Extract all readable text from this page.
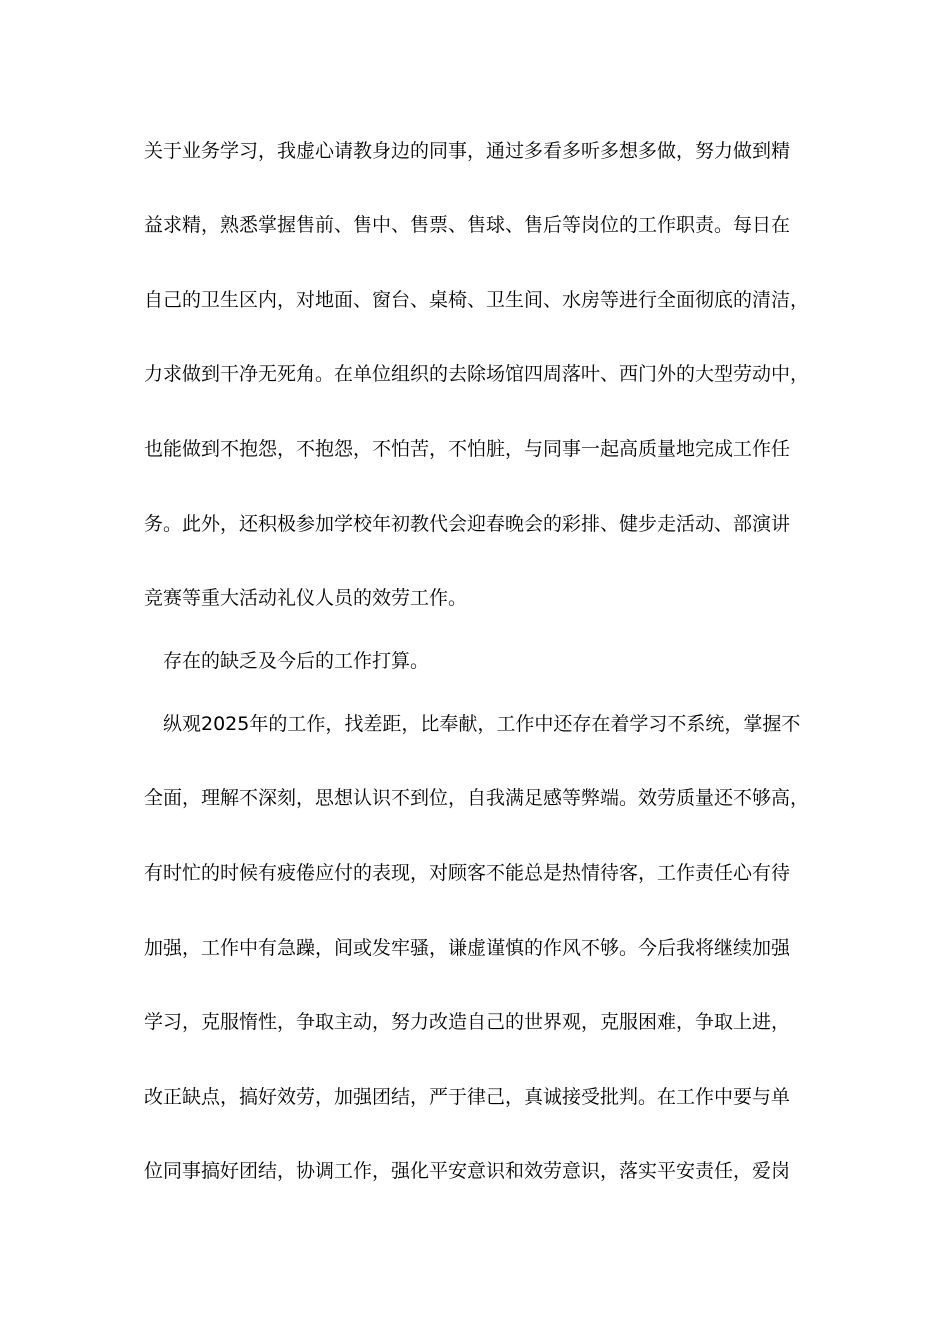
关于业务学习，我虚心请教身边的同事，通过多看多听多想多做，努力做到精
益求精，熟悉掌握售前、售中、售票、售球、售后等岗位的工作职责。每日在
自己的卫生区内，对地面、窗台、桌椅、卫生间、水房等进行全面彻底的清洁，
力求做到干净无死角。在单位组织的去除场馆四周落叶、西门外的大型劳动中，
也能做到不抱怨，不抱怨，不怕苦，不怕脏，与同事一起高质量地完成工作任
务。此外，还积极参加学校年初教代会迎春晚会的彩排、健步走活动、部演讲
竞赛等重大活动礼仪人员的效劳工作。
存在的缺乏及今后的工作打算。
纵观2025年的工作，找差距，比奉献，工作中还存在着学习不系统，掌握不
全面，理解不深刻，思想认识不到位，自我满足感等弊端。效劳质量还不够高，
有时忙的时候有疲倦应付的表现，对顾客不能总是热情待客，工作责任心有待
加强，工作中有急躁，间或发牢骚，谦虚谨慎的作风不够。今后我将继续加强
学习，克服惰性，争取主动，努力改造自己的世界观，克服困难，争取上进，
改正缺点，搞好效劳，加强团结，严于律己，真诚接受批判。在工作中要与单
位同事搞好团结，协调工作，强化平安意识和效劳意识，落实平安责任，爱岗
